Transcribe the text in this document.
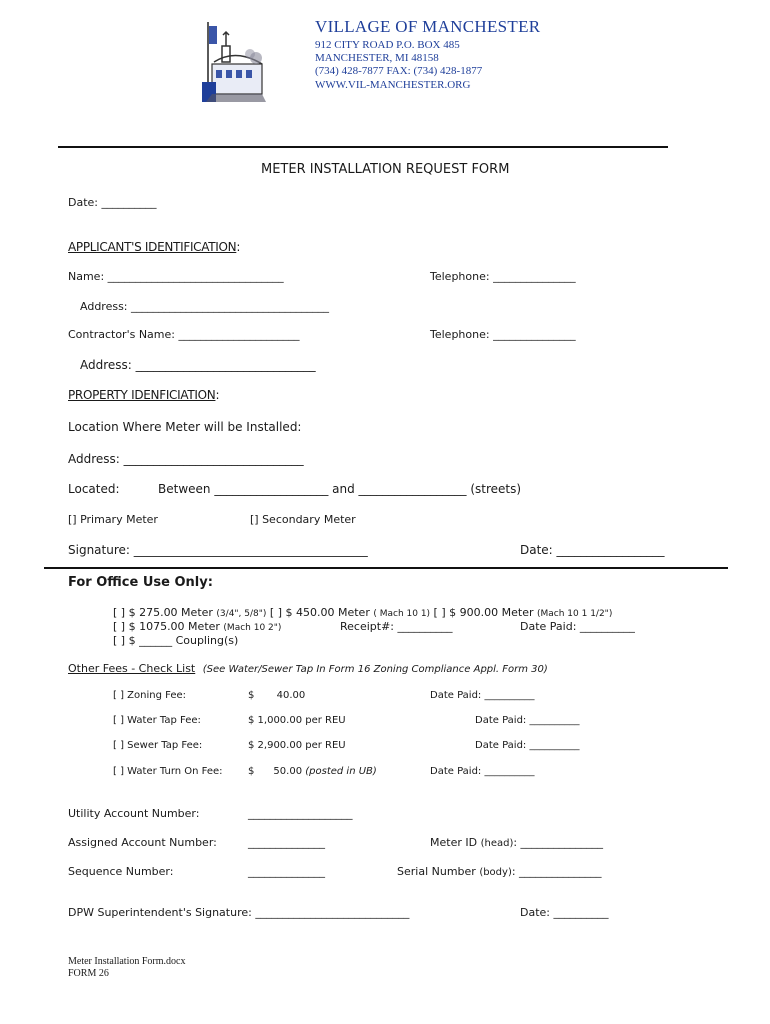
VILLAGE OF MANCHESTER
912 CITY ROAD P.O. BOX 485
MANCHESTER, MI 48158
(734) 428-7877 FAX: (734) 428-1877
WWW.VIL-MANCHESTER.ORG
METER INSTALLATION REQUEST FORM
Date: __________
APPLICANT'S IDENTIFICATION:
Name: ________________________________	Telephone: _______________
Address: ____________________________________
Contractor's Name: ______________________	Telephone: _______________
Address: ______________________________
PROPERTY IDENFICIATION:
Location Where Meter will be Installed:
Address: ______________________________
Located:	Between ___________________ and __________________ (streets)
[] Primary Meter	[] Secondary Meter
Signature: _______________________________________	Date: __________________
For Office Use Only:
[ ] $ 275.00 Meter (3/4", 5/8") [ ] $ 450.00 Meter ( Mach 10 1) [ ] $ 900.00 Meter (Mach 10 1 1/2")
[ ] $ 1075.00 Meter (Mach 10 2")	Receipt#: __________	Date Paid: __________
[ ] $ ______ Coupling(s)
Other Fees - Check List (See Water/Sewer Tap In Form 16 Zoning Compliance Appl. Form 30)
[ ] Zoning Fee:	$       40.00	Date Paid: __________
[ ] Water Tap Fee:	$ 1,000.00 per REU	Date Paid: __________
[ ] Sewer Tap Fee:	$ 2,900.00 per REU	Date Paid: __________
[ ] Water Turn On Fee:	$      50.00 (posted in UB)	Date Paid: __________
Utility Account Number:	___________________
Assigned Account Number:	______________	Meter ID (head): _______________
Sequence Number:	______________	Serial Number (body): _______________
DPW Superintendent's Signature: ____________________________	Date: __________
Meter Installation Form.docx
FORM 26
